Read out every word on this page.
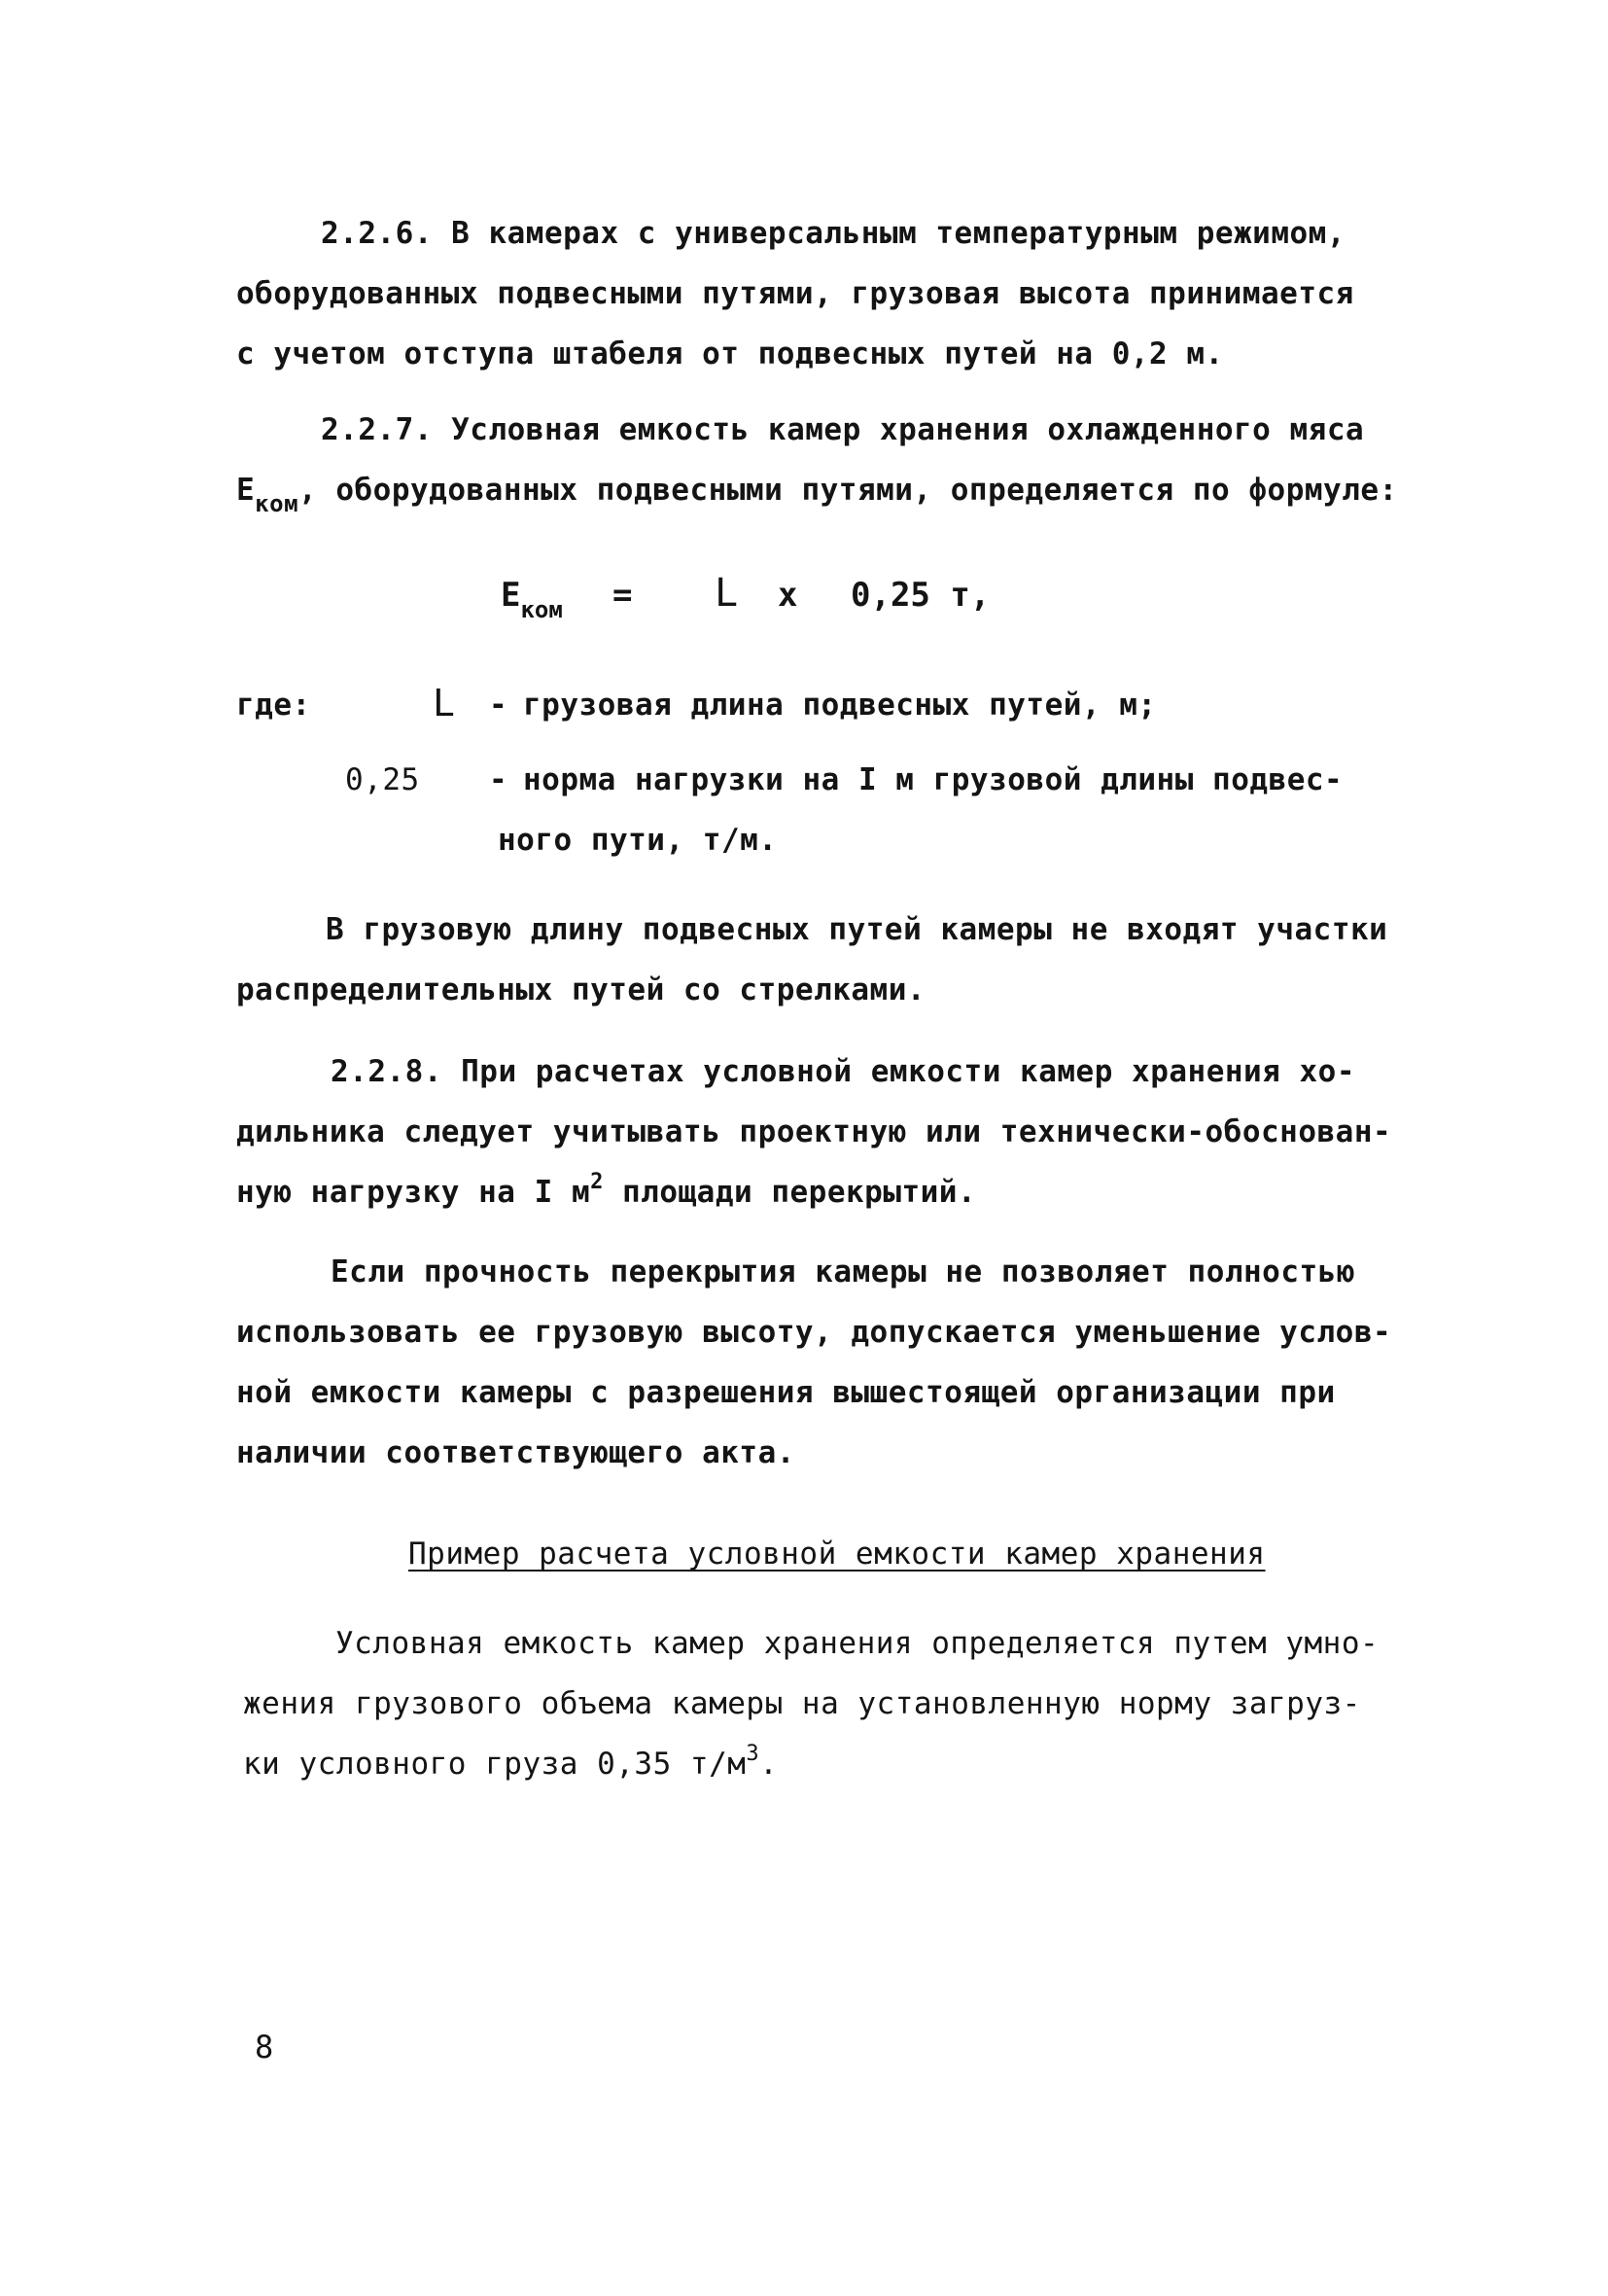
2.2.6. В камерах с универсальным температурным режимом,
оборудованных подвесными путями, грузовая высота принимается
с учетом отступа штабеля от подвесных путей на 0,2 м.
2.2.7. Условная емкость камер хранения охлажденного мяса
$Е_{ком}$, оборудованных подвесными путями, определяется по формуле:
$Е_{ком} = L$ x 0,25 т,
где:	L - грузовая длина подвесных путей, м;
0,25 - норма нагрузки на I м грузовой длины подвес-
ного пути, т/м.
В грузовую длину подвесных путей камеры не входят участки
распределительных путей со стрелками.
2.2.8. При расчетах условной емкости камер хранения хо-
дильника следует учитывать проектную или технически-обоснован-
ную нагрузку на I $м^2$ площади перекрытий.
Если прочность перекрытия камеры не позволяет полностью
использовать ее грузовую высоту, допускается уменьшение услов-
ной емкости камеры с разрешения вышестоящей организации при
наличии соответствующего акта.
Пример расчета условной емкости камер хранения
Условная емкость камер хранения определяется путем умно-
жения грузового объема камеры на установленную норму загруз-
ки условного груза 0,35 $т/м^3$.
8
